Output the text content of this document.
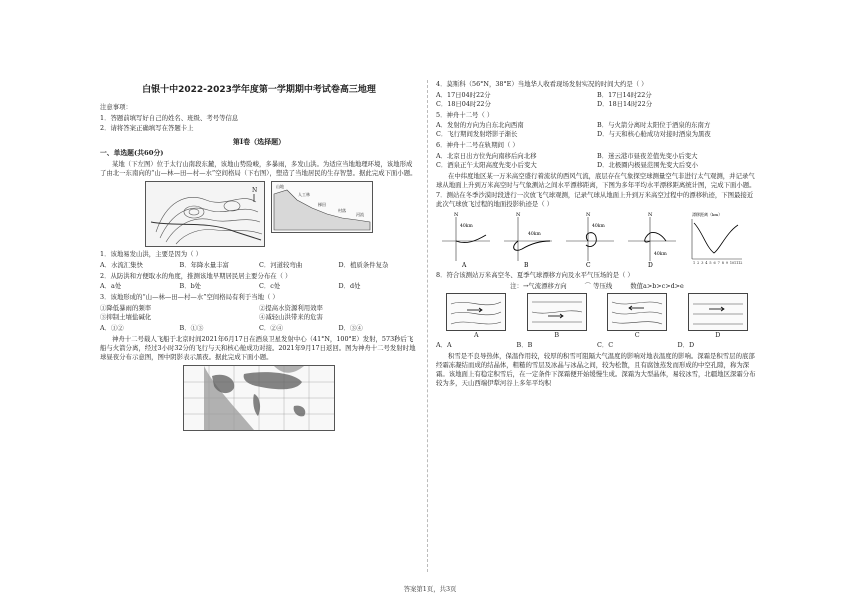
白银十中2022-2023学年度第一学期期中考试卷高三地理
注意事项：
1．答题前填写好自己的姓名、班级、考号等信息
2．请将答案正确填写在答题卡上
第I卷（选择题）
一、单选题(共60分)
某地（下左图）位于太行山南段东麓，该地山势险峻，多暴雨，多发山洪。为适应当地地理环境，该地形成了由北一东南向的“山—林—田—村—水”空间格局（下右图），塑造了当地居民的生存智慧。据此完成下面小题。
N
山地
人工林
梯田
村落
河流
1．该地易发山洪，主要是因为（ ）
A．水流汇集快	B．年降水量丰富	C．河道较弯曲	D．植质条件复杂
2．从防洪和方便取水的角度，推测该地早期居民居主要分布在（ ）
A．a处	B．b处	C．c处	D．d处
3．该地形成的“山—林—田—村—水”空间格局有利于当地（ ）
①降低暴雨的频率	②提高水资源利用效率
③抑制土壤盐碱化	④减轻山洪带来的危害
A．①②	B．①③	C．②④	D．③④
神舟十二号载人飞船于北京时间2021年6月17日在酒泉卫星发射中心（41°N，100°E）发射，573秒后飞船与火箭分离，经过3小时32分的飞行与天和核心舱成功对接。2021年9月17日返回。图为神舟十二号发射时地球昼夜分布示意图，图中阴影表示黑夜。据此完成下面小题。
4．莫斯科（56°N，38°E）当地华人收看现场发射实况的时间大约是（ ）
A．17日04时22分	B．17日14时22分
C．18日04时22分	D．18日14时22分
5．神舟十二号（ ）
A．发射的方向为自东北向西南	B．与火箭分离时太阳位于酒泉的东南方
C．飞行期间发射塔影子渐长	D．与天和核心舱成功对接时酒泉为黑夜
6．神舟十二号在轨期间（ ）
A．北京日出方位先向南移后向北移	B．迷云港市昼夜差值先变小后变大
C．酒泉正午太阳高度先变小后变大	D．北极圈内极昼范围先变大后变小
在中纬度地区某一万米高空盛行着流状的西风气流，底层存在气象探空球测量空气非进行太气观测，并记录气球从地面上升到万米高空时与气象测站之间水平漂移距离，下图为多年平均水平漂移距离统计图，完成下面小题。
7．测站在冬季沙漠时段进行一次放飞气球观测，记录气球从地面上升到万米高空过程中的漂移轨迹，下图最接近此次气球放飞过程的地面投影轨迹是（ ）
N
40km
A
N
40km
B
N
40km
C
N
40km
D
漂移距离（km）
1 2 3 4 5 6 7 8 9 10 11 12
8．符合该测站万米高空冬、夏季气球漂移方向及水平气压场的是（ ）
注：→气流漂移方向	⌒ 等压线	数值a>b>c>d>e
A	B	C	D
A．A	B．B	C．C	D．D
积雪是不良导热体，保温作用较，较厚的积雪可阻隔大气温度的影响对地表温度的影响。深霜是积雪层的底部经霜冻凝结而成的结晶体，粗糙的雪层及冰晶与冰晶之间，较为松散，且有腐蚀蒸发而形成的中空孔隙，称为深霜。该地面上有稳定积雪后，在一定条件下深霜便开始缓慢生成。深霜为大型晶体，易较冰雪，北疆地区深霜分布较为多，天山西端伊犁河谷上多年平均积
答案第1页，共3页
